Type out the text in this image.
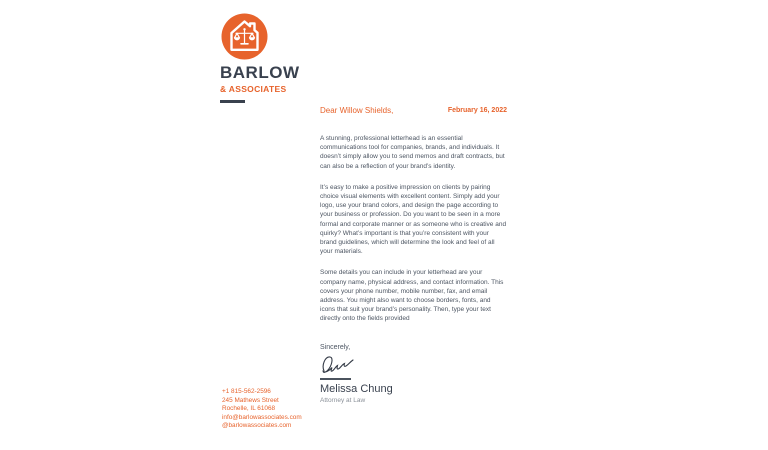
BARLOW
& ASSOCIATES
Dear Willow Shields,	February 16, 2022

A stunning, professional letterhead is an essential communications tool for companies, brands, and individuals. It doesn’t simply allow you to send memos and draft contracts, but can also be a reflection of your brand’s identity.

It’s easy to make a positive impression on clients by pairing choice visual elements with excellent content. Simply add your logo, use your brand colors, and design the page according to your business or profession. Do you want to be seen in a more formal and corporate manner or as someone who is creative and quirky? What’s important is that you’re consistent with your brand guidelines, which will determine the look and feel of all your materials.

Some details you can include in your letterhead are your company name, physical address, and contact information. This covers your phone number, mobile number, fax, and email address. You might also want to choose borders, fonts, and icons that suit your brand’s personality. Then, type your text directly onto the fields provided

Sincerely,
Melissa Chung
Attorney at Law
+1 815-562-2596
245 Mathews Street
Rochelle, IL 61068
info@barlowassociates.com
@barlowassociates.com
